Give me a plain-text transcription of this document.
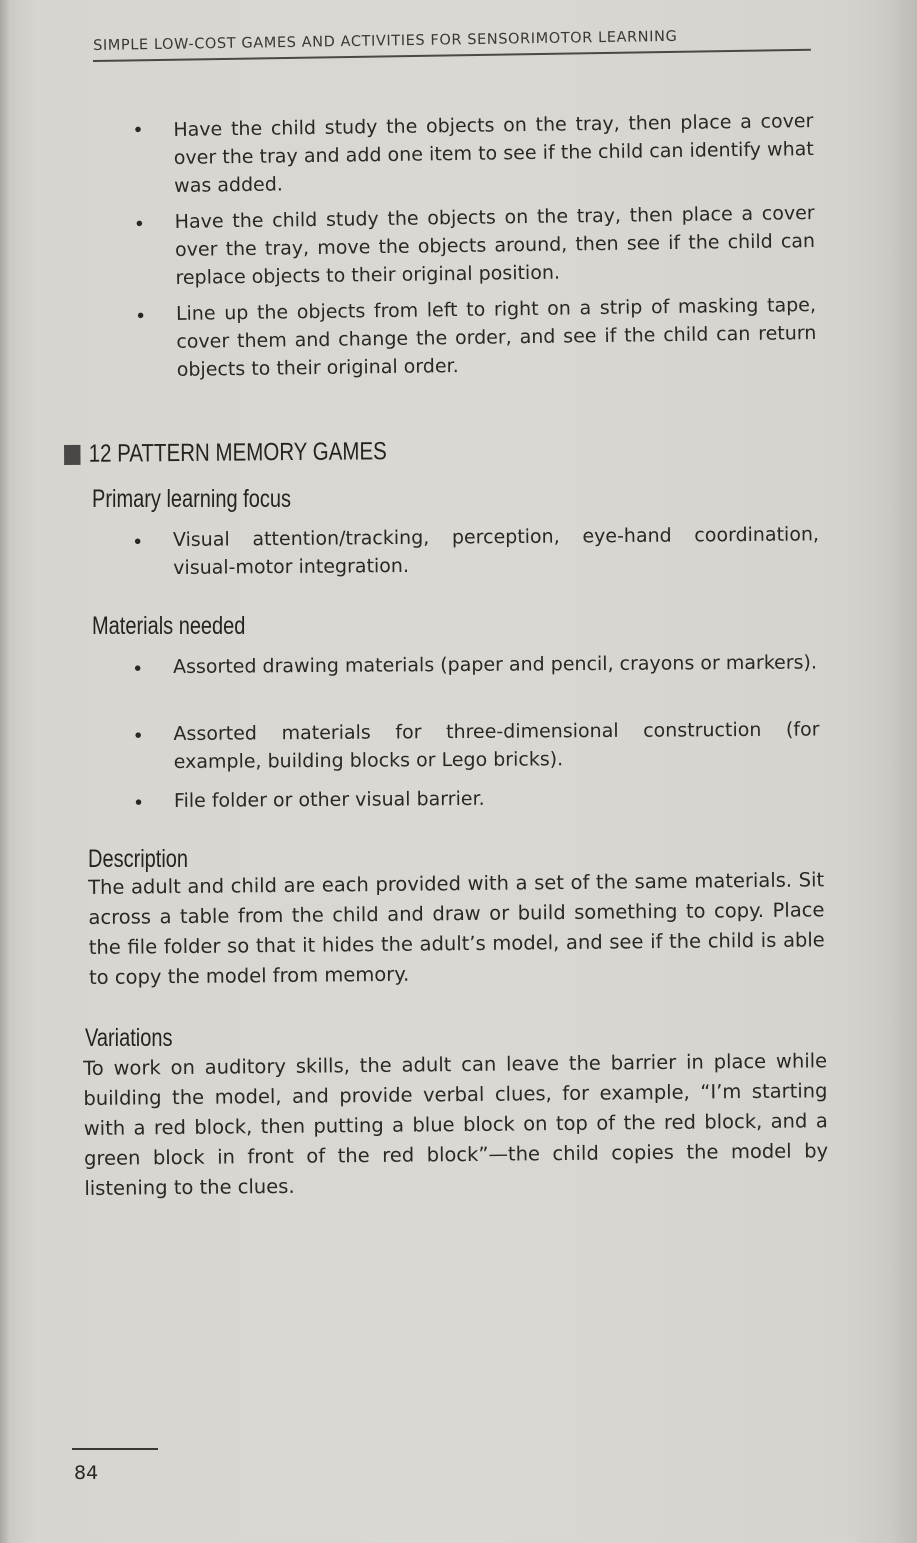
SIMPLE LOW-COST GAMES AND ACTIVITIES FOR SENSORIMOTOR LEARNING
• Have the child study the objects on the tray, then place a cover over the tray and add one item to see if the child can identify what was added.
• Have the child study the objects on the tray, then place a cover over the tray, move the objects around, then see if the child can replace objects to their original position.
• Line up the objects from left to right on a strip of masking tape, cover them and change the order, and see if the child can return objects to their original order.
12 PATTERN MEMORY GAMES
Primary learning focus
• Visual attention/tracking, perception, eye-hand coordination, visual-motor integration.
Materials needed
• Assorted drawing materials (paper and pencil, crayons or markers).
• Assorted materials for three-dimensional construction (for example, building blocks or Lego bricks).
• File folder or other visual barrier.
Description
The adult and child are each provided with a set of the same materials. Sit across a table from the child and draw or build something to copy. Place the file folder so that it hides the adult’s model, and see if the child is able to copy the model from memory.
Variations
To work on auditory skills, the adult can leave the barrier in place while building the model, and provide verbal clues, for example, “I’m starting with a red block, then putting a blue block on top of the red block, and a green block in front of the red block”—the child copies the model by listening to the clues.
84
